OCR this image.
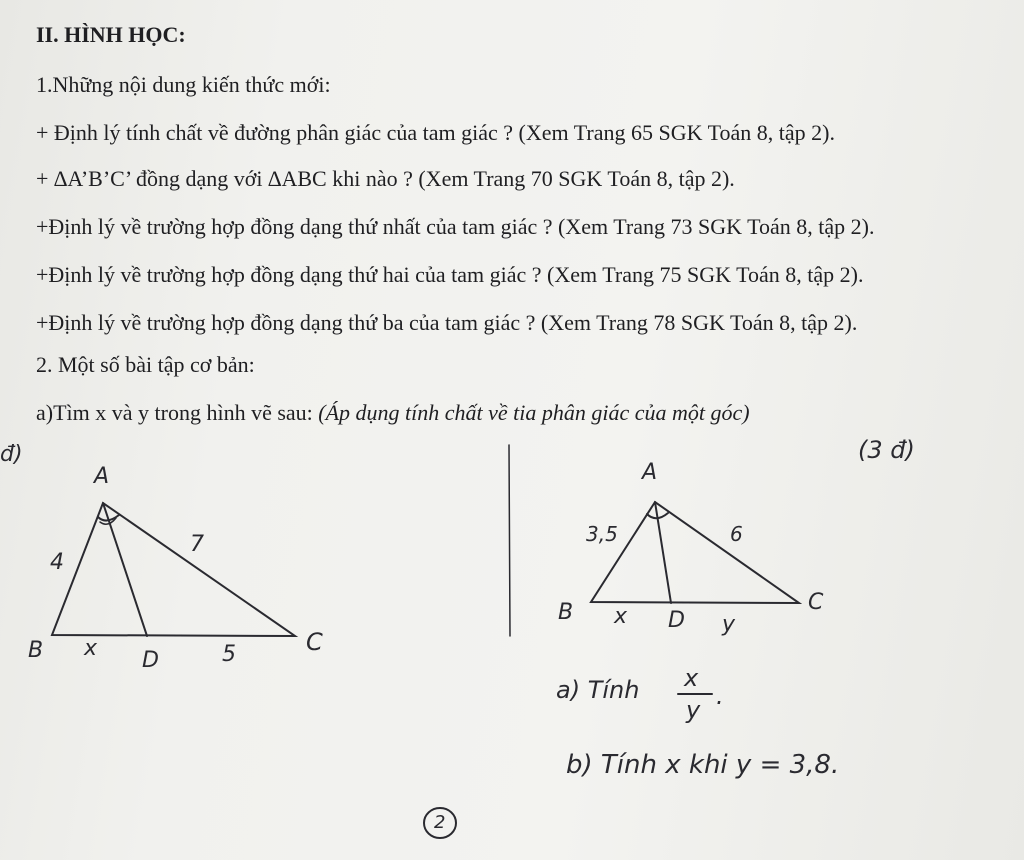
II. HÌNH HỌC:
1.Những nội dung kiến thức mới:
+ Định lý tính chất về đường phân giác của tam giác ? (Xem Trang 65 SGK Toán 8, tập 2).
+ ∆A’B’C’ đồng dạng với ∆ABC khi nào ? (Xem Trang 70 SGK Toán 8, tập 2).
+Định lý về trường hợp đồng dạng thứ nhất của tam giác ? (Xem Trang 73 SGK Toán 8, tập 2).
+Định lý về trường hợp đồng dạng thứ hai của tam giác ? (Xem Trang 75 SGK Toán 8, tập 2).
+Định lý về trường hợp đồng dạng thứ ba của tam giác ? (Xem Trang 78 SGK Toán 8, tập 2).
2. Một số bài tập cơ bản:
a)Tìm x và y trong hình vẽ sau: (Áp dụng tính chất về tia phân giác của một góc)
đ)
A
4
7
B x D	5	C
(3 đ)
A
3,5	6
B x D y
C
a) Tính x
y .
b) Tính x khi y = 3,8.
2
